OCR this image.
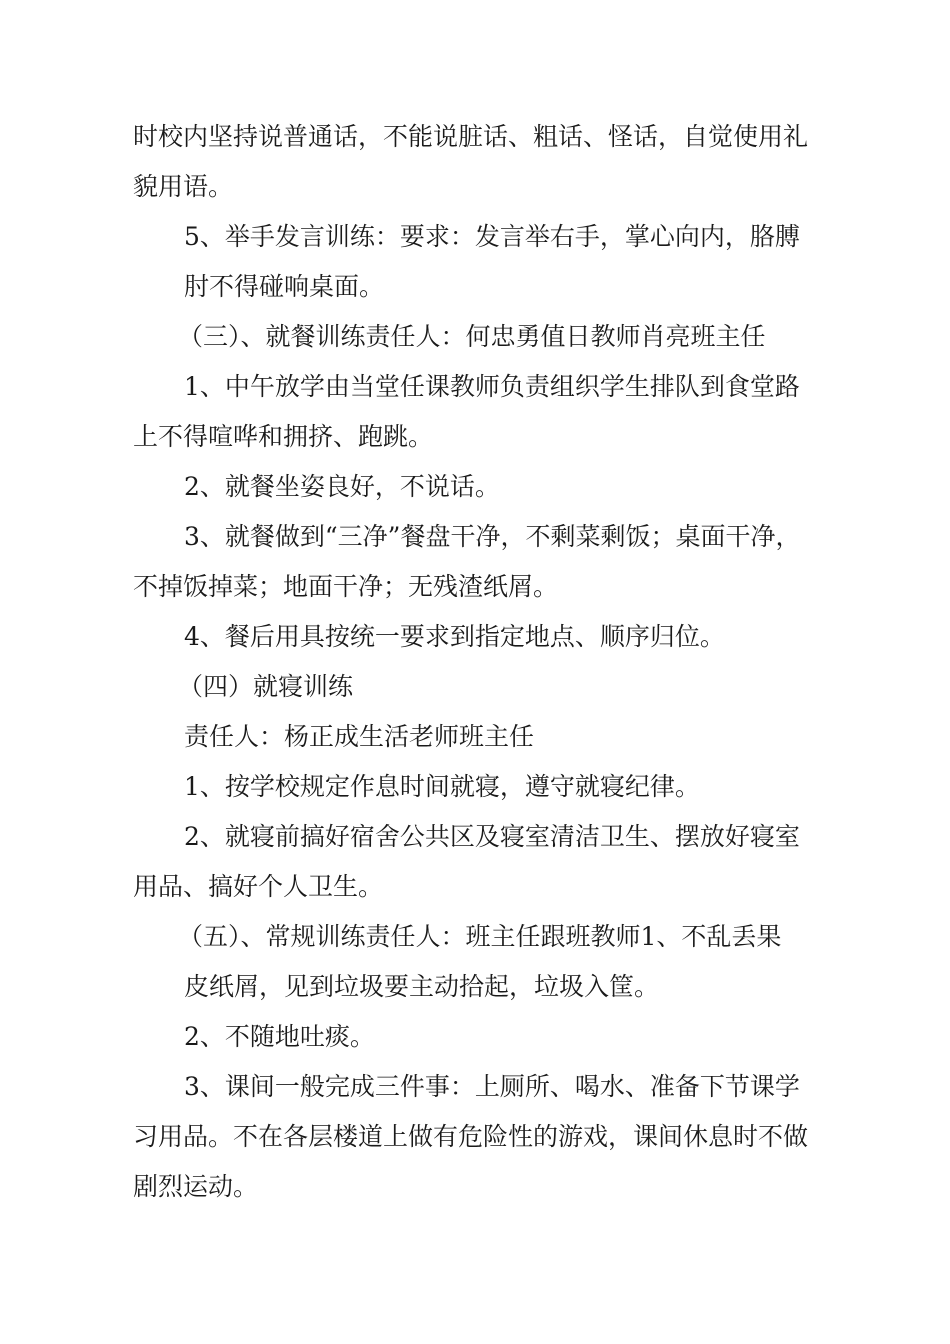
时校内坚持说普通话，不能说脏话、粗话、怪话，自觉使用礼
貌用语。
5、举手发言训练：要求：发言举右手，掌心向内，胳膊
肘不得碰响桌面。
（三）、就餐训练责任人：何忠勇值日教师肖亮班主任
1、中午放学由当堂任课教师负责组织学生排队到食堂路
上不得喧哗和拥挤、跑跳。
2、就餐坐姿良好，不说话。
3、就餐做到“三净”餐盘干净，不剩菜剩饭；桌面干净，
不掉饭掉菜；地面干净；无残渣纸屑。
4、餐后用具按统一要求到指定地点、顺序归位。
（四）就寝训练
责任人：杨正成生活老师班主任
1、按学校规定作息时间就寝，遵守就寝纪律。
2、就寝前搞好宿舍公共区及寝室清洁卫生、摆放好寝室
用品、搞好个人卫生。
（五）、常规训练责任人：班主任跟班教师1、不乱丢果
皮纸屑，见到垃圾要主动拾起，垃圾入筐。
2、不随地吐痰。
3、课间一般完成三件事：上厕所、喝水、准备下节课学
习用品。不在各层楼道上做有危险性的游戏，课间休息时不做
剧烈运动。
